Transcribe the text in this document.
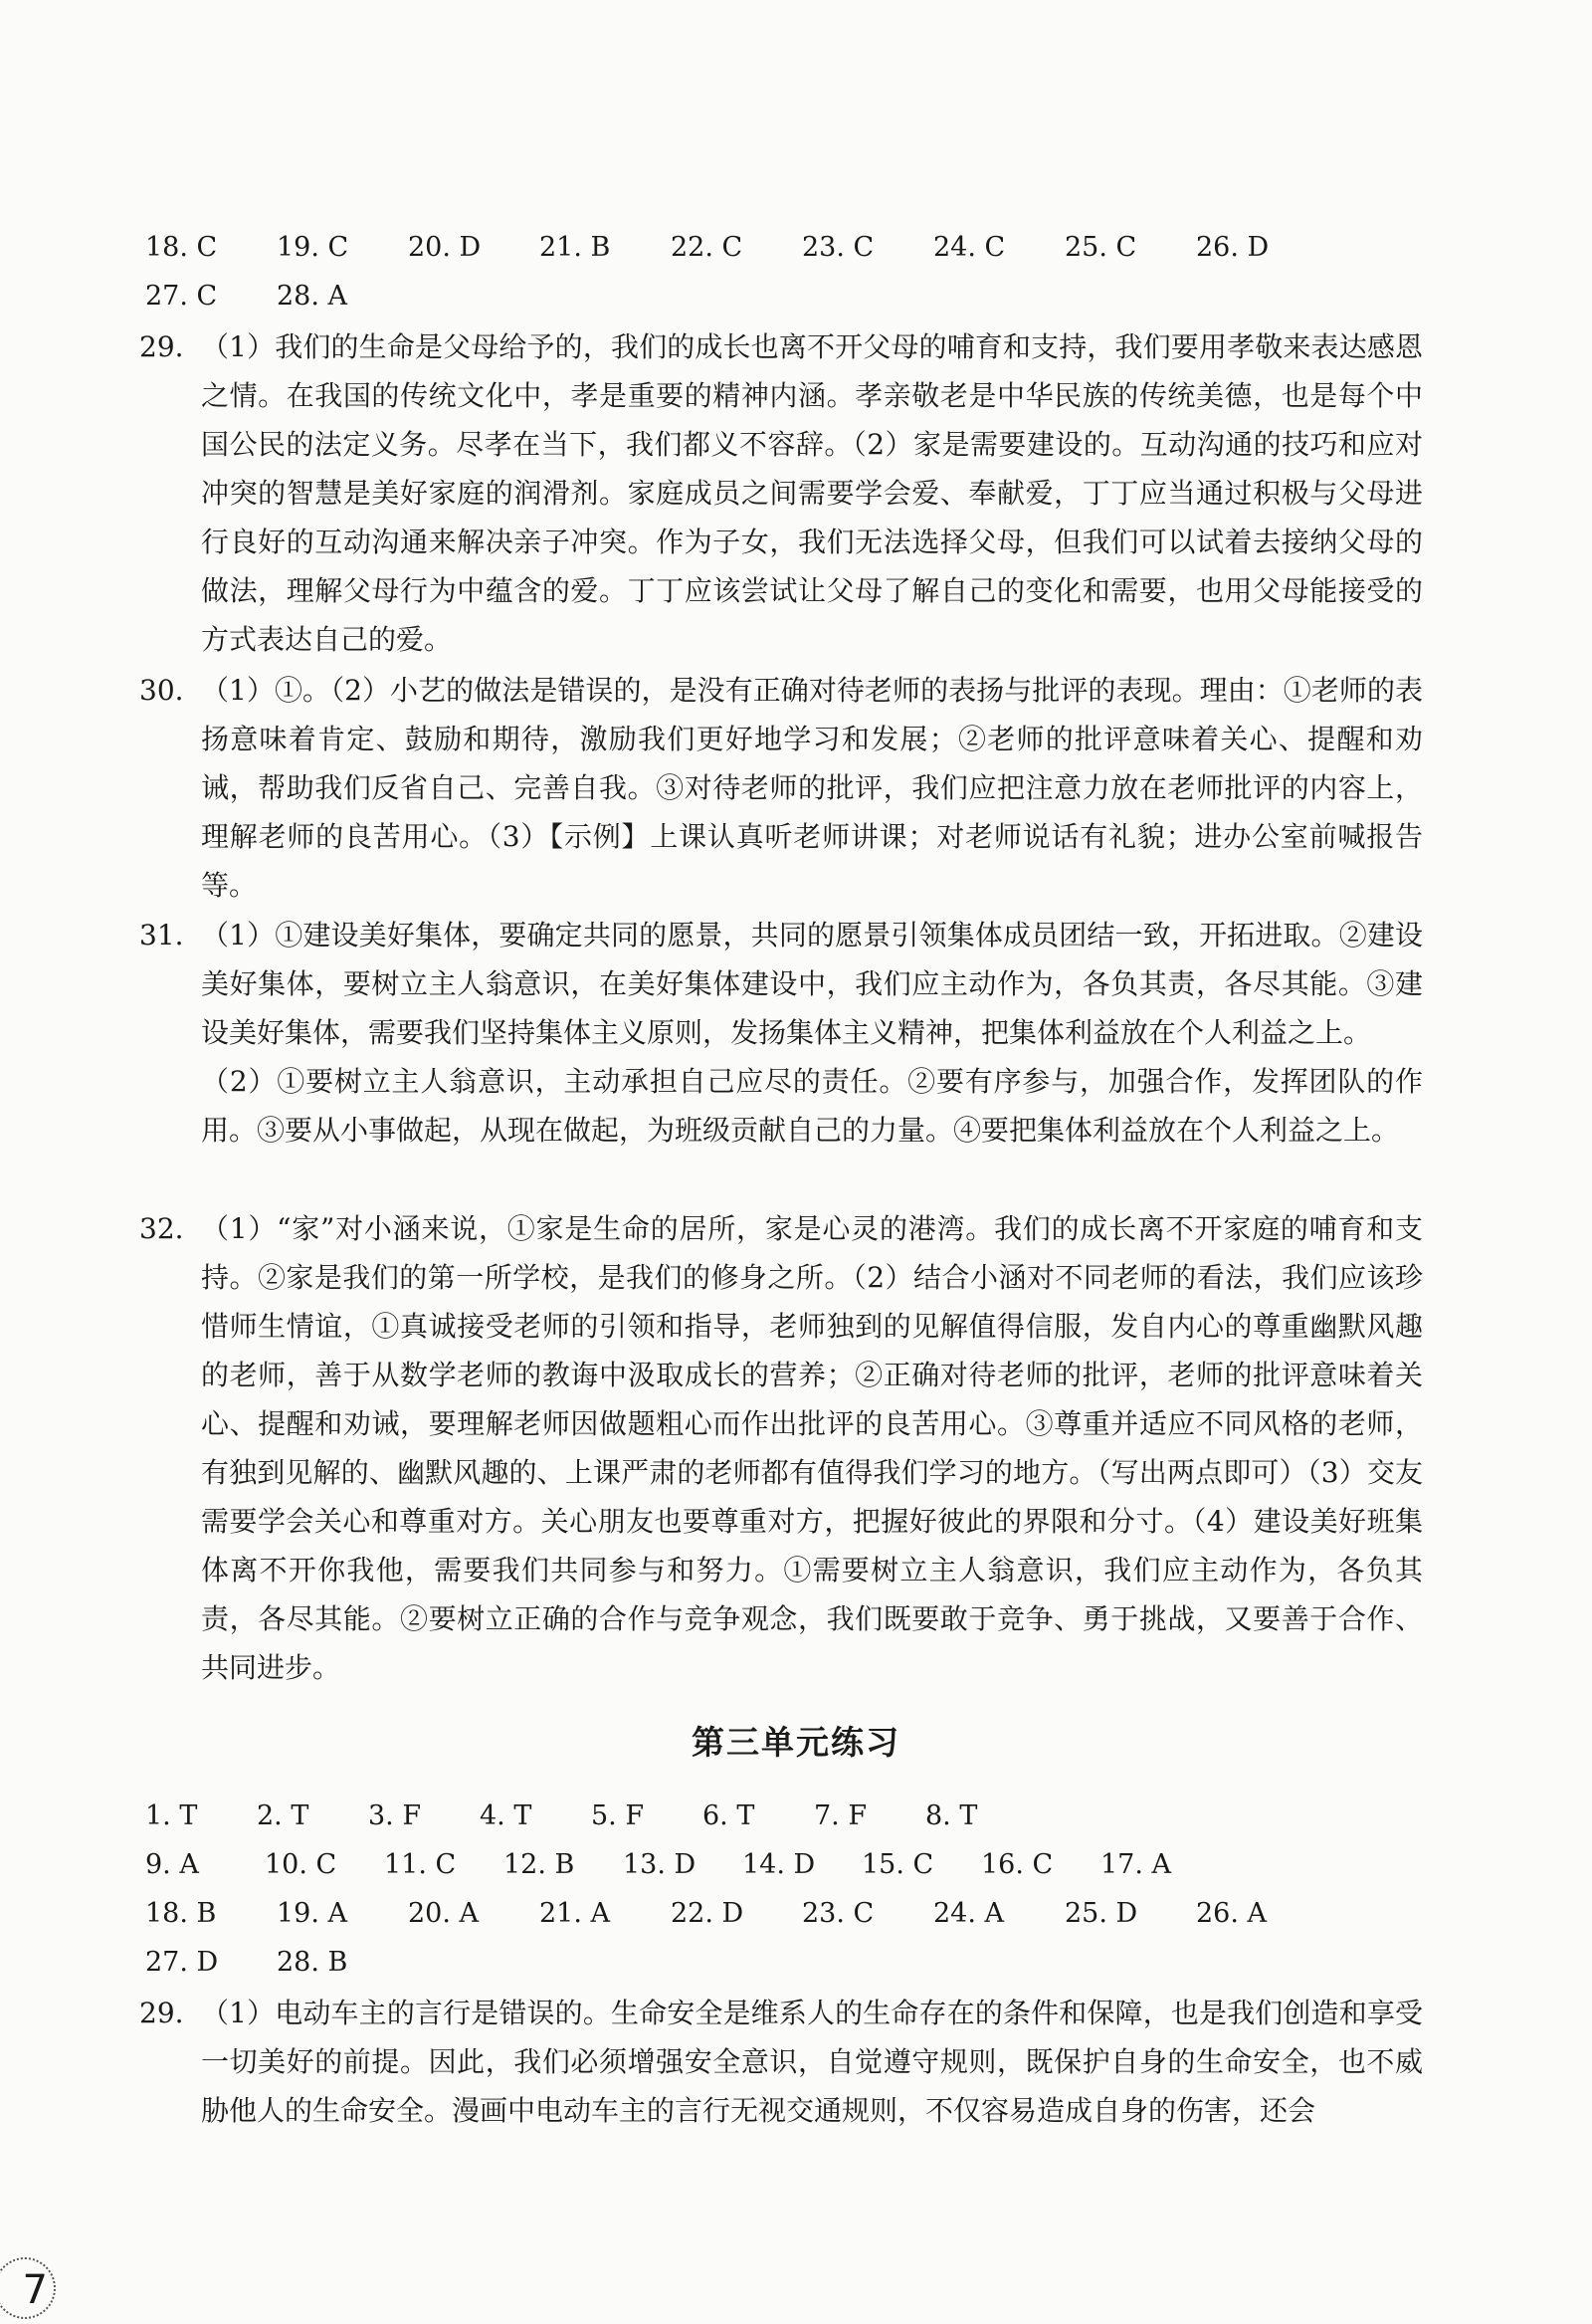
18. C 19. C 20. D 21. B 22. C 23. C 24. C 25. C 26. D
27. C 28. A
29. （1）我们的生命是父母给予的，我们的成长也离不开父母的哺育和支持，我们要用孝敬来表达感恩之情。在我国的传统文化中，孝是重要的精神内涵。孝亲敬老是中华民族的传统美德，也是每个中国公民的法定义务。尽孝在当下，我们都义不容辞。（2）家是需要建设的。互动沟通的技巧和应对冲突的智慧是美好家庭的润滑剂。家庭成员之间需要学会爱、奉献爱，丁丁应当通过积极与父母进行良好的互动沟通来解决亲子冲突。作为子女，我们无法选择父母，但我们可以试着去接纳父母的做法，理解父母行为中蕴含的爱。丁丁应该尝试让父母了解自己的变化和需要，也用父母能接受的方式表达自己的爱。

30. （1）①。（2）小艺的做法是错误的，是没有正确对待老师的表扬与批评的表现。理由：①老师的表扬意味着肯定、鼓励和期待，激励我们更好地学习和发展；②老师的批评意味着关心、提醒和劝诫，帮助我们反省自己、完善自我。③对待老师的批评，我们应把注意力放在老师批评的内容上，理解老师的良苦用心。（3）【示例】上课认真听老师讲课；对老师说话有礼貌；进办公室前喊报告等。

31. （1）①建设美好集体，要确定共同的愿景，共同的愿景引领集体成员团结一致，开拓进取。②建设美好集体，要树立主人翁意识，在美好集体建设中，我们应主动作为，各负其责，各尽其能。③建设美好集体，需要我们坚持集体主义原则，发扬集体主义精神，把集体利益放在个人利益之上。

（2）①要树立主人翁意识，主动承担自己应尽的责任。②要有序参与，加强合作，发挥团队的作用。③要从小事做起，从现在做起，为班级贡献自己的力量。④要把集体利益放在个人利益之上。

32. （1）“家”对小涵来说，①家是生命的居所，家是心灵的港湾。我们的成长离不开家庭的哺育和支持。②家是我们的第一所学校，是我们的修身之所。（2）结合小涵对不同老师的看法，我们应该珍惜师生情谊，①真诚接受老师的引领和指导，老师独到的见解值得信服，发自内心的尊重幽默风趣的老师，善于从数学老师的教诲中汲取成长的营养；②正确对待老师的批评，老师的批评意味着关心、提醒和劝诫，要理解老师因做题粗心而作出批评的良苦用心。③尊重并适应不同风格的老师，有独到见解的、幽默风趣的、上课严肃的老师都有值得我们学习的地方。（写出两点即可）（3）交友需要学会关心和尊重对方。关心朋友也要尊重对方，把握好彼此的界限和分寸。（4）建设美好班集体离不开你我他，需要我们共同参与和努力。①需要树立主人翁意识，我们应主动作为，各负其责，各尽其能。②要树立正确的合作与竞争观念，我们既要敢于竞争、勇于挑战，又要善于合作、共同进步。

第三单元练习
1. T 2. T 3. F 4. T 5. F 6. T 7. F 8. T
9. A 10. C 11. C 12. B 13. D 14. D 15. C 16. C 17. A
18. B 19. A 20. A 21. A 22. D 23. C 24. A 25. D 26. A
27. D 28. B
29. （1）电动车主的言行是错误的。生命安全是维系人的生命存在的条件和保障，也是我们创造和享受一切美好的前提。因此，我们必须增强安全意识，自觉遵守规则，既保护自身的生命安全，也不威胁他人的生命安全。漫画中电动车主的言行无视交通规则，不仅容易造成自身的伤害，还会

7
